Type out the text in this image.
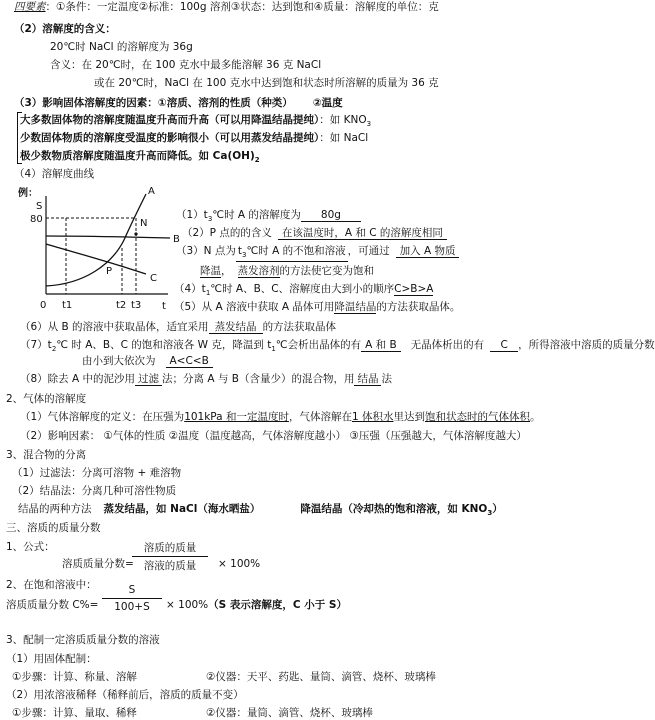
四要素：①条件：一定温度②标准：100g 溶剂③状态：达到饱和④质量：溶解度的单位：克
（2）溶解度的含义：
20℃时 NaCl 的溶解度为 36g
含义：在 20℃时，在 100 克水中最多能溶解 36 克 NaCl
或在 20℃时，NaCl 在 100 克水中达到饱和状态时所溶解的质量为 36 克
（3）影响固体溶解度的因素：①溶质、溶剂的性质（种类） ②温度
大多数固体物的溶解度随温度升高而升高（可以用降温结晶提纯）：如 $KNO_3$
少数固体物质的溶解度受温度的影响很小（可以用蒸发结晶提纯）：如 NaCl
极少数物质溶解度随温度升高而降低。如 $Ca(OH)_2$
（4）溶解度曲线
例：
S
80
0	t
A
B
C
N
P
t1	t2 t3
$(1)t_3℃$时 A 的溶解度为 80g
（2）P 点的的含义 在该温度时，A 和 C 的溶解度相同
（3）N 点为 $t_3℃$时 A 的不饱和溶液 ，可通过 加入 A 物质
降温， 蒸发溶剂的方法使它变为饱和
$(4)t_1℃$时 A、B、C、溶解度由大到小的顺序C>B>A
（5）从 A 溶液中获取 A 晶体可用降温结晶的方法获取晶体。
（6）从 B 的溶液中获取晶体，适宜采用 蒸发结晶 的方法获取晶体
$(7)t_2℃$ 时 A、B、C 的饱和溶液各 W 克，降温到 $t_1℃$会析出晶体的有 A 和 B 无晶体析出的有 C ，所得溶液中溶质的质量分数
由小到大依次为 A<C<B
（8）除去 A 中的泥沙用 过滤 法；分离 A 与 B（含量少）的混合物，用 结晶 法
2、气体的溶解度
（1）气体溶解度的定义：在压强为101kPa 和一定温度时，气体溶解在1 体积水里达到饱和状态时的气体体积。
（2）影响因素： ①气体的性质 ②温度（温度越高，气体溶解度越小） ③压强（压强越大，气体溶解度越大）
3、混合物的分离
（1）过滤法：分离可溶物 + 难溶物
（2）结晶法：分离几种可溶性物质
结晶的两种方法 蒸发结晶，如 NaCl（海水晒盐）	降温结晶（冷却热的饱和溶液，如 $KNO_3$）
三、溶质的质量分数
1、公式：
溶质质量分数=
溶质的质量
溶液的质量	× 100%
2、在饱和溶液中：
溶质质量分数 C%=
S
100+S	× 100%（S 表示溶解度，C 小于 S）
3、配制一定溶质质量分数的溶液
（1）用固体配制：
①步骤：计算、称量、溶解	②仪器：天平、药匙、量筒、滴管、烧杯、玻璃棒
（2）用浓溶液稀释（稀释前后，溶质的质量不变）
①步骤：计算、量取、稀释	②仪器：量筒、滴管、烧杯、玻璃棒
